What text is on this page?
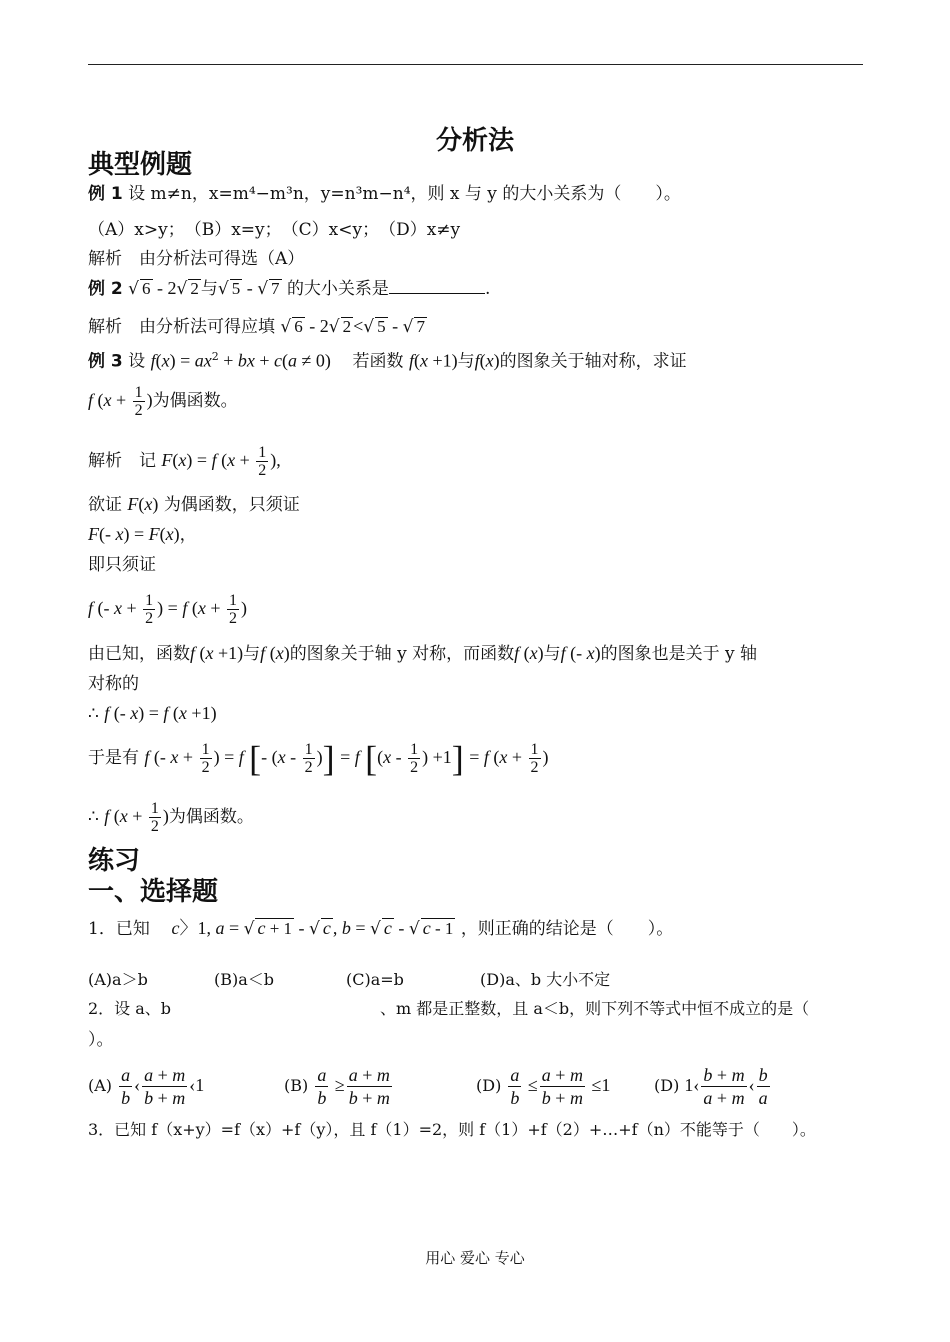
分析法
典型例题
例 1 设 m≠n，x=m⁴−m³n，y=n³m−n⁴，则 x 与 y 的大小关系为（　　）。
（A）x>y；　（B）x=y；　（C）x<y；　（D）x≠y
解析　由分析法可得选（A）
例 2 √ 6 - 2√ 2 与√ 5 - √ 7 的大小关系是	.
解析　由分析法可得应填 √ 6 - 2√ 2 <√ 5 - √ 7
例 3 设 $f(x) = ax^2$ + bx + c(a ≠ 0) 若函数 f(x +1)与f(x)的图象关于轴对称，求证
f ($x + \frac{1}{2}$ )为偶函数。
解析　记 F(x) = f ($x + \frac{1}{2}$ ),
欲证 F(x) 为偶函数，只须证
F(- x) = F(x)，
即只须证
f (- $x + \frac{1}{2}$ ) = f ($x + \frac{1}{2}$ )
由已知，函数f (x +1)与f (x)的图象关于轴 y 对称，而函数f (x)与f (- x)的图象也是关于 y 轴
对称的
∴ f (- x) = f (x +1)
于是有 f (- $x + \frac{1}{2}$ ) = f [- ($x - \frac{1}{2}$ )] = f [($x - \frac{1}{2}$ ) +1] = f ($x + \frac{1}{2}$ )
∴ f ($x + \frac{1}{2}$ )为偶函数。
练习
一、选择题
1．已知 c〉1, a = √ c + 1 - √ c , b = √ c - √ c - 1 ，则正确的结论是（　　）。
(A)a＞b	(B)a＜b	(C)a=b	(D)a、b 大小不定
2．设 a、b	、m 都是正整数，且 a＜b，则下列不等式中恒不成立的是（
）。
$(A) \frac{a}{b}$ ‹ $\frac{a + m}{b + m}$ ‹1	$(B) \frac{a}{b} \ge \frac{a + m}{b + m}$	$(D) \frac{a}{b} \le \frac{a + m}{b + m} \le 1$	(D) 1‹ $\frac{b + m}{a + m}$ ‹ $\frac{b}{a}$
3．已知 f（x+y）=f（x）+f（y），且 f（1）=2，则 f（1）+f（2）+…+f（n）不能等于（　　）。
用心 爱心 专心
